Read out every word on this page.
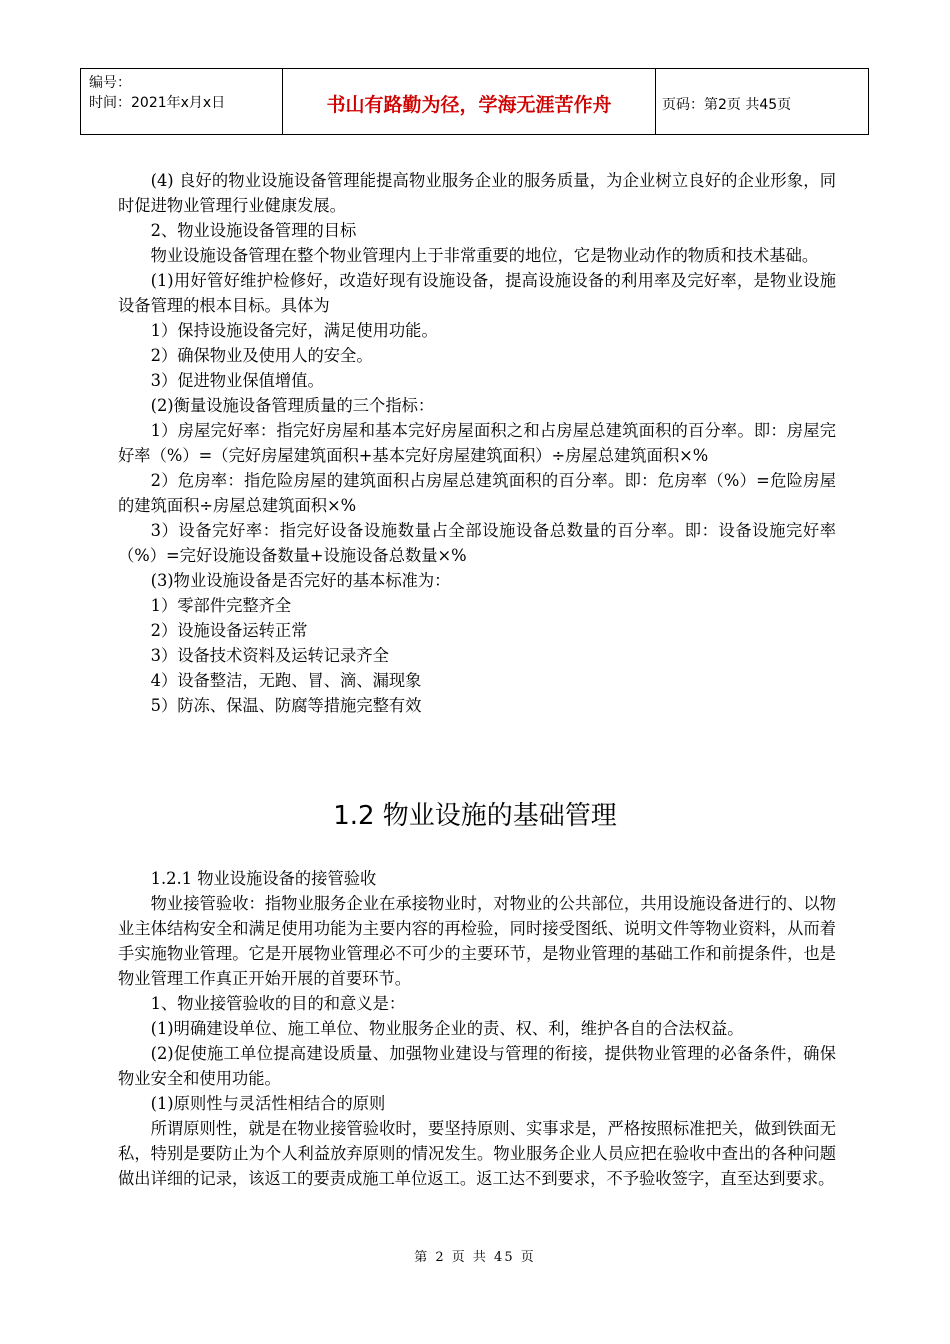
编号：
时间：2021年x月x日	书山有路勤为径，学海无涯苦作舟	页码：第2页 共45页

(4) 良好的物业设施设备管理能提高物业服务企业的服务质量，为企业树立良好的企业形象，同时促进物业管理行业健康发展。

2、物业设施设备管理的目标

物业设施设备管理在整个物业管理内上于非常重要的地位，它是物业动作的物质和技术基础。

(1)用好管好维护检修好，改造好现有设施设备，提高设施设备的利用率及完好率，是物业设施设备管理的根本目标。具体为

1）保持设施设备完好，满足使用功能。

2）确保物业及使用人的安全。

3）促进物业保值增值。

(2)衡量设施设备管理质量的三个指标：

1）房屋完好率：指完好房屋和基本完好房屋面积之和占房屋总建筑面积的百分率。即：房屋完好率（%）=（完好房屋建筑面积+基本完好房屋建筑面积）÷房屋总建筑面积×%

2）危房率：指危险房屋的建筑面积占房屋总建筑面积的百分率。即：危房率（%）=危险房屋的建筑面积÷房屋总建筑面积×%

3）设备完好率：指完好设备设施数量占全部设施设备总数量的百分率。即：设备设施完好率（%）=完好设施设备数量+设施设备总数量×%

(3)物业设施设备是否完好的基本标准为：

1）零部件完整齐全

2）设施设备运转正常

3）设备技术资料及运转记录齐全

4）设备整洁，无跑、冒、滴、漏现象

5）防冻、保温、防腐等措施完整有效

1.2 物业设施的基础管理

1.2.1 物业设施设备的接管验收

物业接管验收：指物业服务企业在承接物业时，对物业的公共部位，共用设施设备进行的、以物业主体结构安全和满足使用功能为主要内容的再检验，同时接受图纸、说明文件等物业资料，从而着手实施物业管理。它是开展物业管理必不可少的主要环节，是物业管理的基础工作和前提条件，也是物业管理工作真正开始开展的首要环节。

1、物业接管验收的目的和意义是：

(1)明确建设单位、施工单位、物业服务企业的责、权、利，维护各自的合法权益。

(2)促使施工单位提高建设质量、加强物业建设与管理的衔接，提供物业管理的必备条件，确保物业安全和使用功能。

(1)原则性与灵活性相结合的原则

所谓原则性，就是在物业接管验收时，要坚持原则、实事求是，严格按照标准把关，做到铁面无私，特别是要防止为个人利益放弃原则的情况发生。物业服务企业人员应把在验收中查出的各种问题做出详细的记录，该返工的要责成施工单位返工。返工达不到要求，不予验收签字，直至达到要求。

第 2 页 共 45 页
